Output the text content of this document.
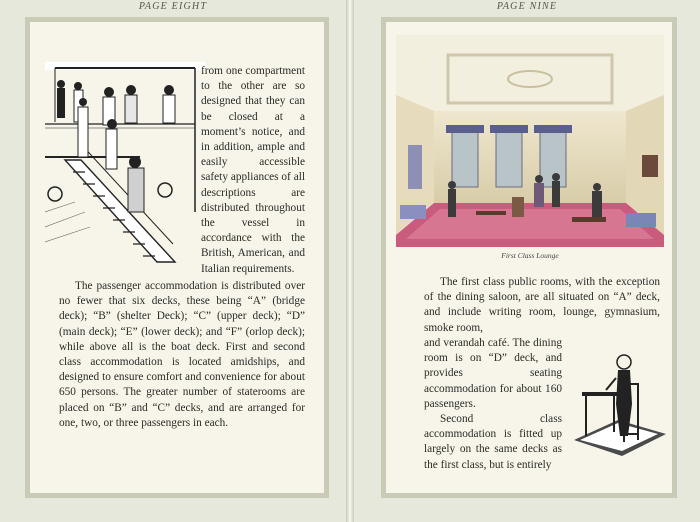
PAGE EIGHT
from one compartment to the other are so designed that they can be closed at a moment’s notice, and in addition, ample and easily accessible safety appliances of all descriptions are distributed throughout the vessel in accordance with the British, American, and Italian requirements.

The passenger accommodation is distributed over no fewer that six decks, these being “A” (bridge deck); “B” (shelter Deck); “C” (upper deck); “D” (main deck); “E” (lower deck); and “F” (orlop deck); while above all is the boat deck. First and second class accommodation is located amidships, and designed to ensure comfort and convenience for about 650 persons. The greater number of staterooms are placed on “B” and “C” decks, and are arranged for one, two, or three passengers in each.

PAGE NINE
First Class Lounge

The first class public rooms, with the exception of the dining saloon, are all situated on “A” deck, and include writing room, lounge, gymnasium, smoke room,

and verandah café. The dining room is on “D” deck, and provides seating accommodation for about 160 passengers.

Second class accommodation is fitted up largely on the same decks as the first class, but is entirely
